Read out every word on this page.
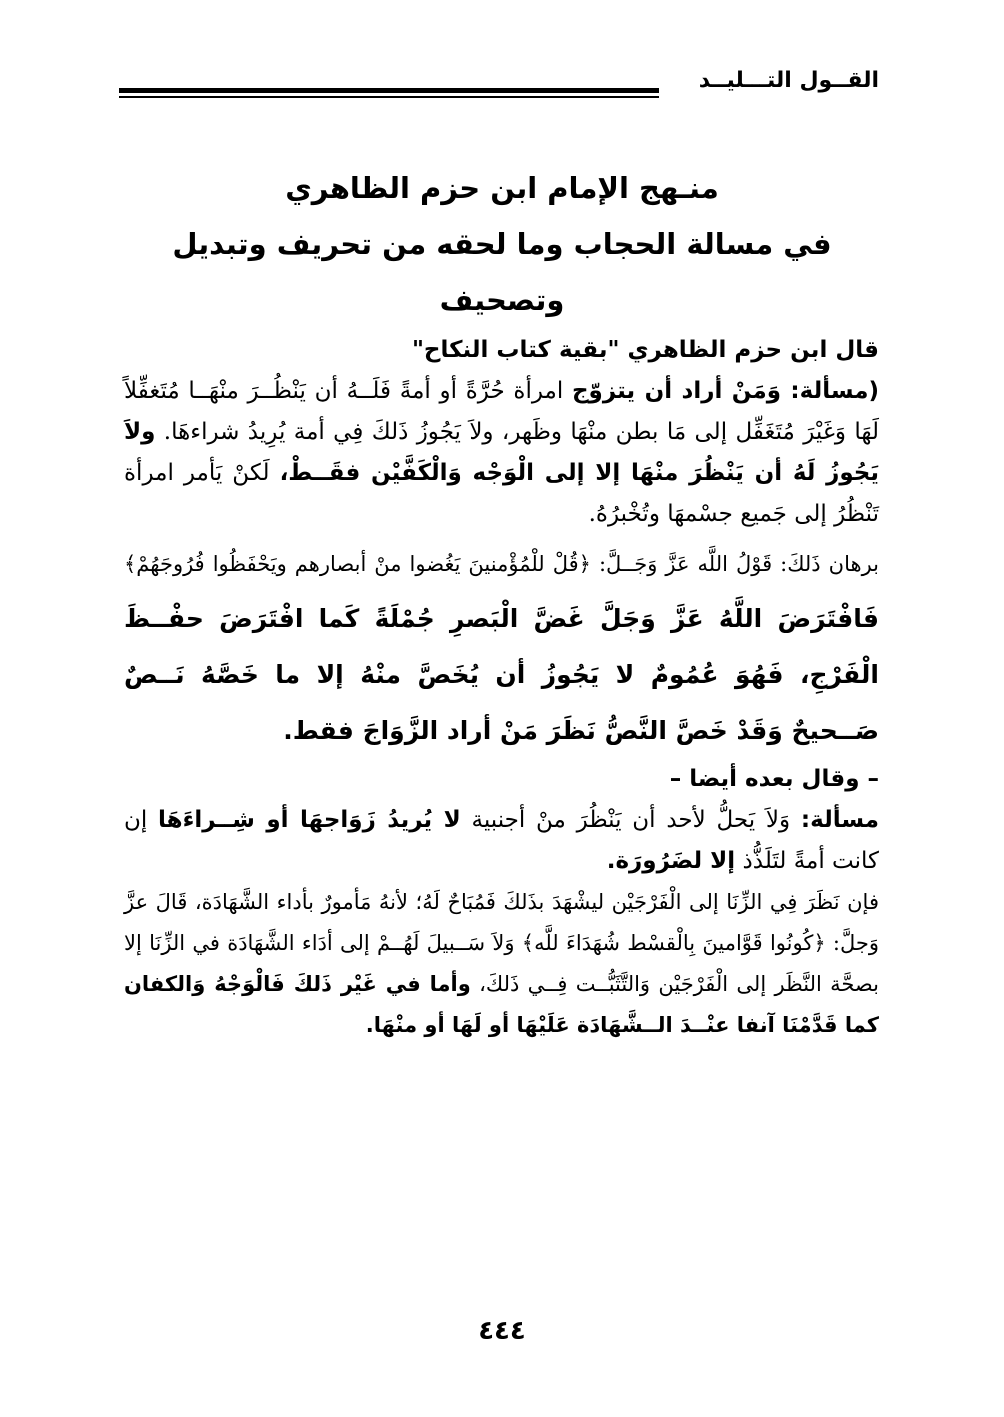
القــول التـــليــد
منـهج الإمام ابن حزم الظاهري
في مسالة الحجاب وما لحقه من تحريف وتبديل وتصحيف

قال ابن حزم الظاهري "بقية كتاب النكاح"

(مسألة: وَمَنْ أراد أن يتزوّج امرأة حُرَّةً أو أمةً فَلَــهُ أن يَنْظُــرَ منْهَــا مُتَغفِّلاً لَهَا وَغَيْرَ مُتَغَفِّل إلى مَا بطن منْهَا وظَهر، ولاَ يَجُوزُ ذَلكَ فِي أمة يُرِيدُ شراءهَا. ولاَ يَجُوزُ لَهُ أن يَنْظُرَ منْهَا إلا إلى الْوَجْه وَالْكَفَّيْن فقَــطْ، لَكنْ يَأمر امرأة تَنْظُرُ إلى جَميع جسْمهَا وتُخْبرُهُ.

برهان ذَلكَ: قَوْلُ اللَّه عَزَّ وَجَــلَّ: ﴿قُلْ للْمُؤْمنينَ يَغُضوا منْ أبصارهم ويَحْفَظُوا فُرُوجَهُمْ﴾ فَافْتَرَضَ اللَّهُ عَزَّ وَجَلَّ غَضَّ الْبَصرِ جُمْلَةً كَما افْتَرَضَ حفْــظَ الْفَرْجِ، فَهُوَ عُمُومٌ لا يَجُوزُ أن يُخَصَّ منْهُ إلا ما خَصَّهُ نَــصٌ صَــحيحٌ وَقَدْ خَصَّ النَّصُّ نَظَرَ مَنْ أراد الزَّوَاجَ فقط.

– وقال بعده أيضا –

مسألة: وَلاَ يَحلُّ لأحد أن يَنْظُرَ منْ أجنبية لا يُريدُ زَوَاجهَا أو شِــراءَهَا إن كانت أمةً لتَلَذُّذ إلا لضَرُورَة.

فإن نَظَرَ فِي الزِّنَا إلى الْفَرْجَيْن ليشْهَدَ بذَلكَ فَمُبَاحٌ لَهُ؛ لأنهُ مَأمورٌ بأداء الشَّهَادَة، قَالَ عزَّ وَجلَّ: ﴿كُونُوا قَوَّامينَ بِالْقسْط شُهَدَاءَ للَّه﴾ وَلاَ سَــبيلَ لَهُــمْ إلى أدَاء الشَّهَادَة في الزِّنَا إلا بصحَّة النَّظَر إلى الْفَرْجَيْن وَالتَّثَبُّــت فِــي ذَلكَ، وأما في غَيْر ذَلكَ فَالْوَجْهُ وَالكفان كما قَدَّمْنَا آنفا عنْــدَ الــشَّهَادَة عَلَيْهَا أو لَهَا أو منْهَا.

٤٤٤
